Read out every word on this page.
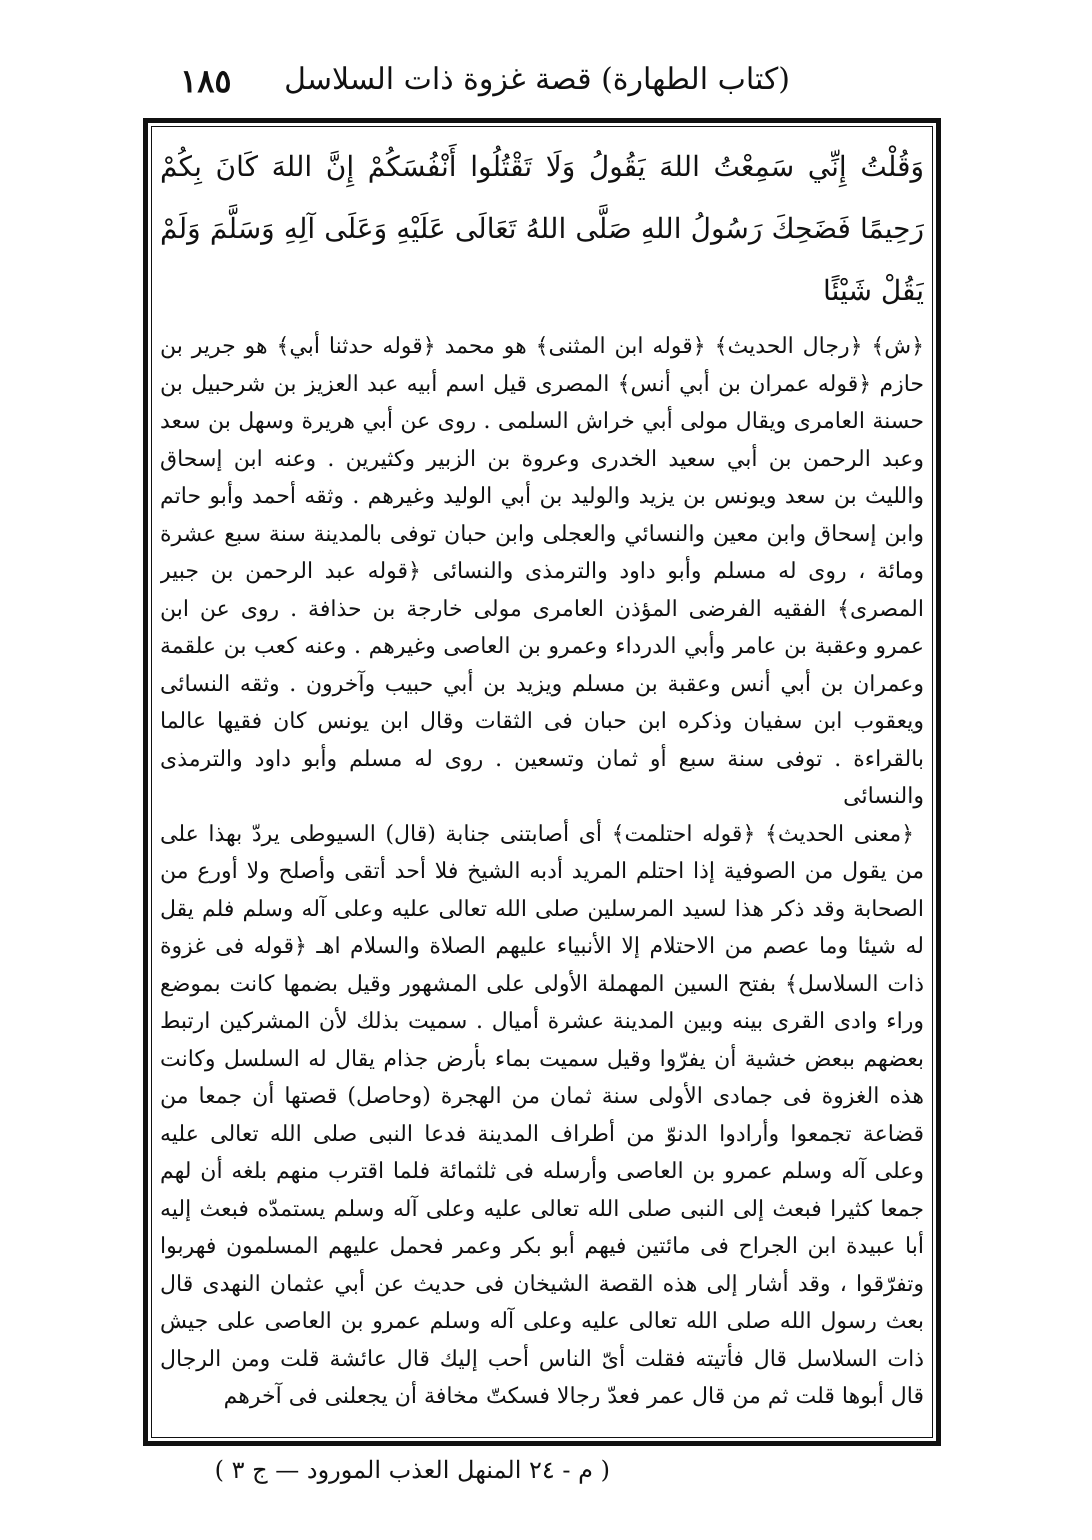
(كتاب الطهارة) قصة غزوة ذات السلاسل
١٨٥
وَقُلْتُ إِنِّي سَمِعْتُ اللهَ يَقُولُ وَلَا تَقْتُلُوا أَنْفُسَكُمْ إِنَّ اللهَ كَانَ بِكُمْ رَحِيمًا فَضَحِكَ رَسُولُ اللهِ صَلَّى اللهُ تَعَالَى عَلَيْهِ وَعَلَى آلِهِ وَسَلَّمَ وَلَمْ يَقُلْ شَيْئًا

﴿ش﴾ ﴿رجال الحديث﴾ ﴿قوله ابن المثنى﴾ هو محمد ﴿قوله حدثنا أبي﴾ هو جرير بن حازم ﴿قوله عمران بن أبي أنس﴾ المصرى قيل اسم أبيه عبد العزيز بن شرحبيل بن حسنة العامرى ويقال مولى أبي خراش السلمى . روى عن أبي هريرة وسهل بن سعد وعبد الرحمن بن أبي سعيد الخدرى وعروة بن الزبير وكثيرين . وعنه ابن إسحاق والليث بن سعد ويونس بن يزيد والوليد بن أبي الوليد وغيرهم . وثقه أحمد وأبو حاتم وابن إسحاق وابن معين والنسائي والعجلى وابن حبان توفى بالمدينة سنة سبع عشرة ومائة ، روى له مسلم وأبو داود والترمذى والنسائى ﴿قوله عبد الرحمن بن جبير المصرى﴾ الفقيه الفرضى المؤذن العامرى مولى خارجة بن حذافة . روى عن ابن عمرو وعقبة بن عامر وأبي الدرداء وعمرو بن العاصى وغيرهم . وعنه كعب بن علقمة وعمران بن أبي أنس وعقبة بن مسلم ويزيد بن أبي حبيب وآخرون . وثقه النسائى ويعقوب ابن سفيان وذكره ابن حبان فى الثقات وقال ابن يونس كان فقيها عالما بالقراءة . توفى سنة سبع أو ثمان وتسعين . روى له مسلم وأبو داود والترمذى والنسائى

﴿معنى الحديث﴾ ﴿قوله احتلمت﴾ أى أصابتنى جنابة (قال) السيوطى يردّ بهذا على من يقول من الصوفية إذا احتلم المريد أدبه الشيخ فلا أحد أتقى وأصلح ولا أورع من الصحابة وقد ذكر هذا لسيد المرسلين صلى الله تعالى عليه وعلى آله وسلم فلم يقل له شيئا وما عصم من الاحتلام إلا الأنبياء عليهم الصلاة والسلام اهـ ﴿قوله فى غزوة ذات السلاسل﴾ بفتح السين المهملة الأولى على المشهور وقيل بضمها كانت بموضع وراء وادى القرى بينه وبين المدينة عشرة أميال . سميت بذلك لأن المشركين ارتبط بعضهم ببعض خشية أن يفرّوا وقيل سميت بماء بأرض جذام يقال له السلسل وكانت هذه الغزوة فى جمادى الأولى سنة ثمان من الهجرة (وحاصل) قصتها أن جمعا من قضاعة تجمعوا وأرادوا الدنوّ من أطراف المدينة فدعا النبى صلى الله تعالى عليه وعلى آله وسلم عمرو بن العاصى وأرسله فى ثلثمائة فلما اقترب منهم بلغه أن لهم جمعا كثيرا فبعث إلى النبى صلى الله تعالى عليه وعلى آله وسلم يستمدّه فبعث إليه أبا عبيدة ابن الجراح فى مائتين فيهم أبو بكر وعمر فحمل عليهم المسلمون فهربوا وتفرّقوا ، وقد أشار إلى هذه القصة الشيخان فى حديث عن أبي عثمان النهدى قال بعث رسول الله صلى الله تعالى عليه وعلى آله وسلم عمرو بن العاصى على جيش ذات السلاسل قال فأتيته فقلت أىّ الناس أحب إليك قال عائشة قلت ومن الرجال قال أبوها قلت ثم من قال عمر فعدّ رجالا فسكتّ مخافة أن يجعلنى فى آخرهم

( م - ٢٤ المنهل العذب المورود — ج ٣ )
